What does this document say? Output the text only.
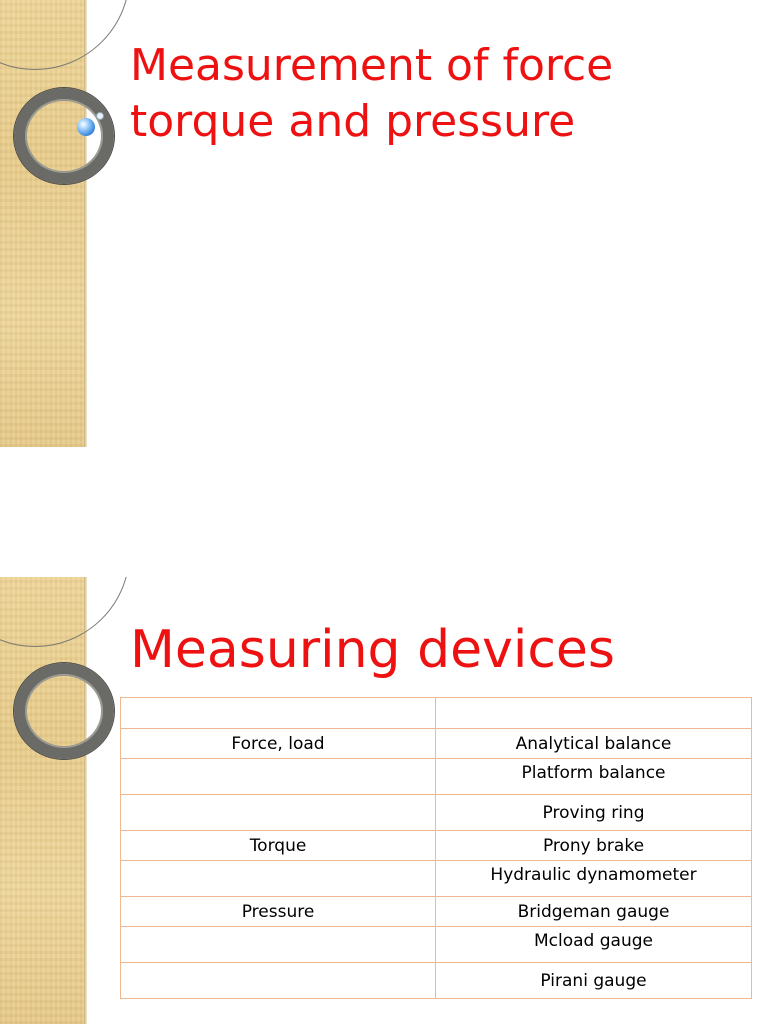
Measurement of force
torque and pressure
Measuring devices

Force, load	Analytical balance
	Platform balance
	Proving ring
Torque	Prony brake
	Hydraulic dynamometer
Pressure	Bridgeman gauge
	Mcload gauge
	Pirani gauge
